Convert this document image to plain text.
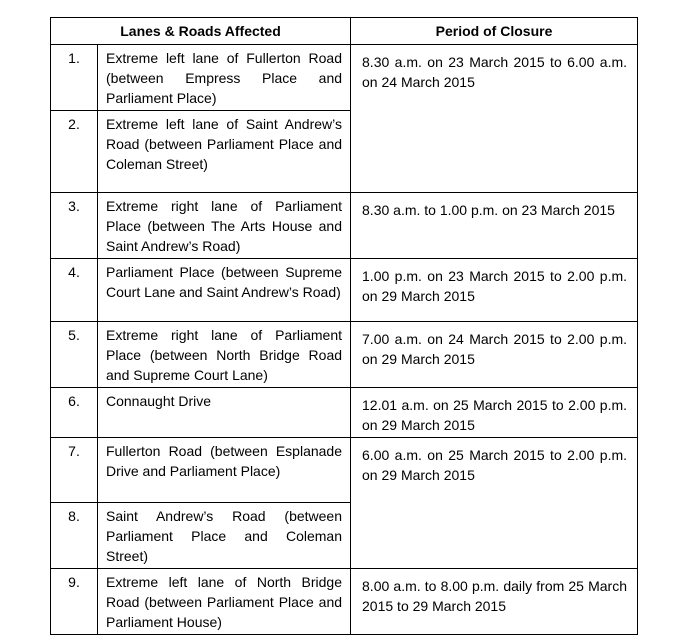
Lanes & Roads Affected		Period of Closure
1.	Extreme left lane of Fullerton Road (between Empress Place and Parliament Place)	8.30 a.m. on 23 March 2015 to 6.00 a.m. on 24 March 2015
2.	Extreme left lane of Saint Andrew’s Road (between Parliament Place and Coleman Street)	
3.	Extreme right lane of Parliament Place (between The Arts House and Saint Andrew’s Road)	8.30 a.m. to 1.00 p.m. on 23 March 2015
4.	Parliament Place (between Supreme Court Lane and Saint Andrew’s Road)	1.00 p.m. on 23 March 2015 to 2.00 p.m. on 29 March 2015
5.	Extreme right lane of Parliament Place (between North Bridge Road and Supreme Court Lane)	7.00 a.m. on 24 March 2015 to 2.00 p.m. on 29 March 2015
6.	Connaught Drive	12.01 a.m. on 25 March 2015 to 2.00 p.m. on 29 March 2015
7.	Fullerton Road (between Esplanade Drive and Parliament Place)	6.00 a.m. on 25 March 2015 to 2.00 p.m. on 29 March 2015
8.	Saint Andrew’s Road (between Parliament Place and Coleman Street)	
9.	Extreme left lane of North Bridge Road (between Parliament Place and Parliament House)	8.00 a.m. to 8.00 p.m. daily from 25 March 2015 to 29 March 2015
